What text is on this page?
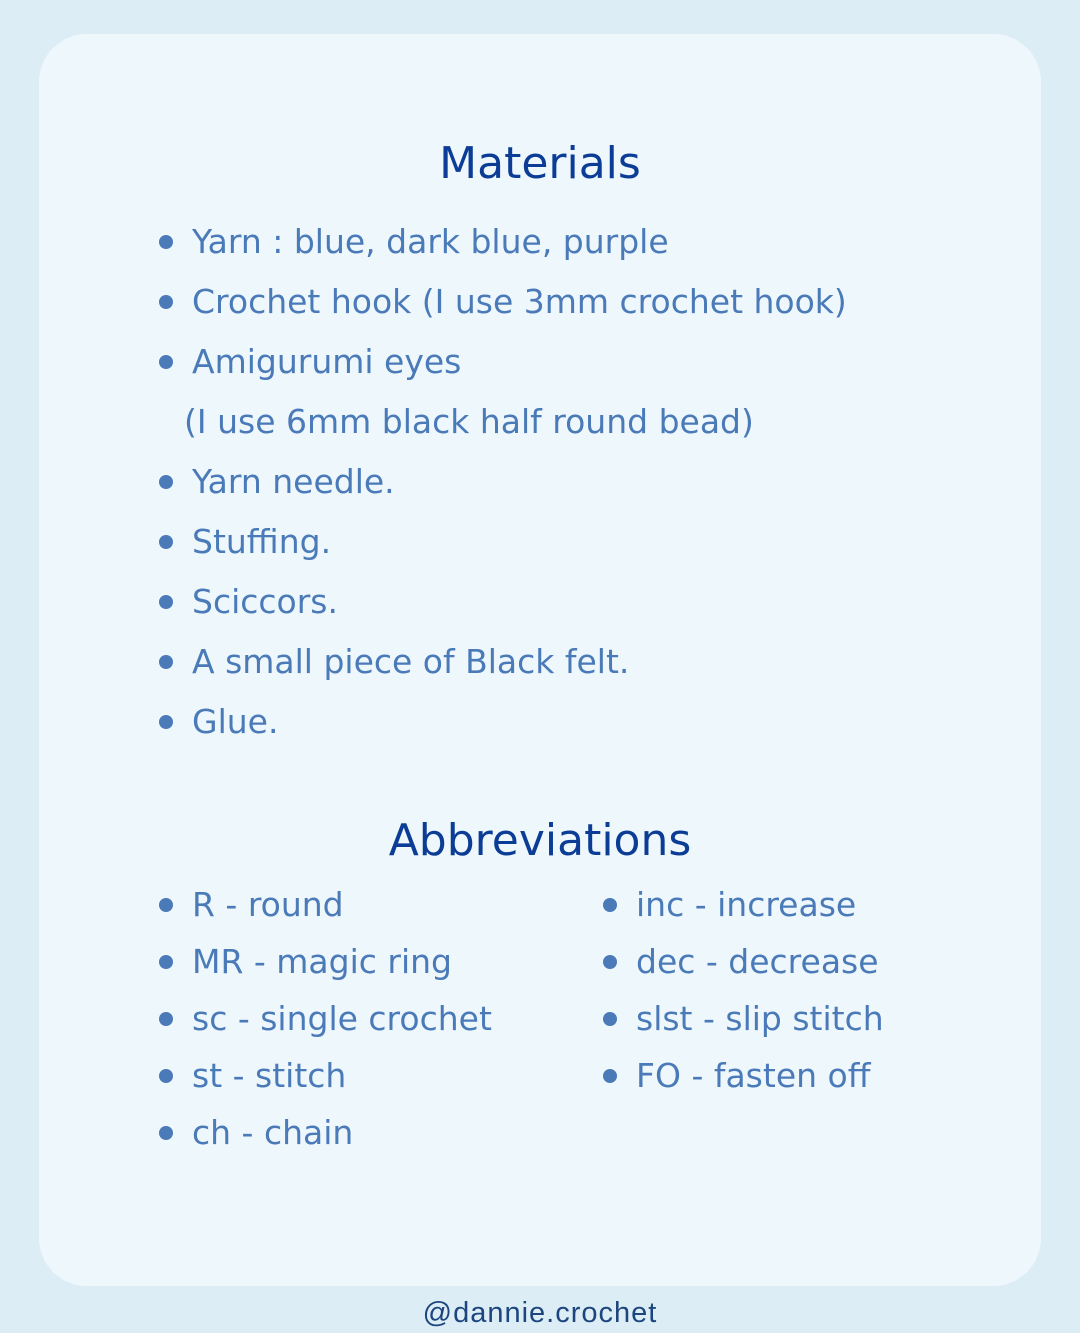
Materials
Yarn : blue, dark blue, purple
Crochet hook (I use 3mm crochet hook)
Amigurumi eyes
(I use 6mm black half round bead)
Yarn needle.
Stuffing.
Sciccors.
A small piece of Black felt.
Glue.
Abbreviations
R - round
MR - magic ring
sc - single crochet
st - stitch
ch - chain
inc - increase
dec - decrease
slst - slip stitch
FO - fasten off
@dannie.crochet
